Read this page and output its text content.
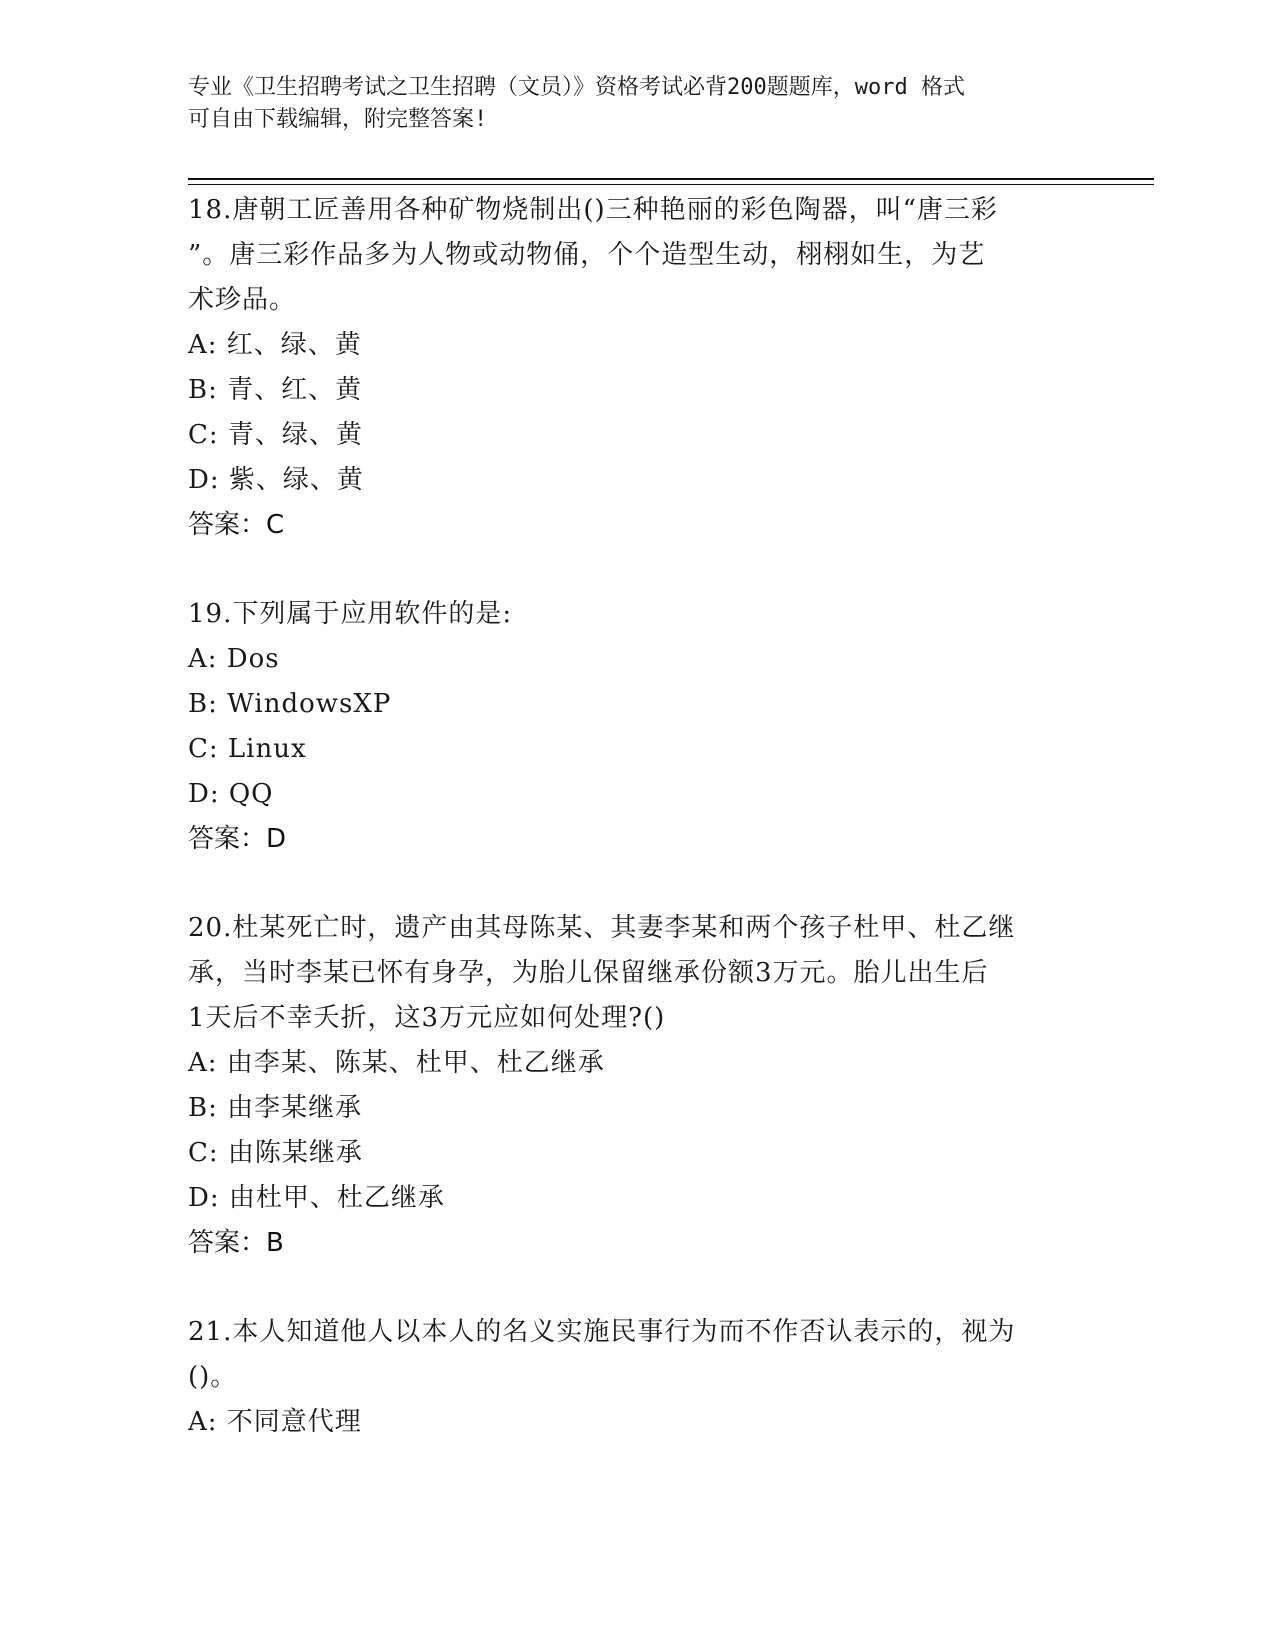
专业《卫生招聘考试之卫生招聘（文员）》资格考试必背200题题库，word 格式
可自由下载编辑，附完整答案!
18.唐朝工匠善用各种矿物烧制出()三种艳丽的彩色陶器，叫“唐三彩
”。唐三彩作品多为人物或动物俑，个个造型生动，栩栩如生，为艺
术珍品。
A: 红、绿、黄
B: 青、红、黄
C: 青、绿、黄
D: 紫、绿、黄
答案：C
19.下列属于应用软件的是:
A: Dos
B: WindowsXP
C: Linux
D: QQ
答案：D
20.杜某死亡时，遗产由其母陈某、其妻李某和两个孩子杜甲、杜乙继
承，当时李某已怀有身孕，为胎儿保留继承份额3万元。胎儿出生后
1天后不幸夭折，这3万元应如何处理?()
A: 由李某、陈某、杜甲、杜乙继承
B: 由李某继承
C: 由陈某继承
D: 由杜甲、杜乙继承
答案：B
21.本人知道他人以本人的名义实施民事行为而不作否认表示的，视为
()。
A: 不同意代理
